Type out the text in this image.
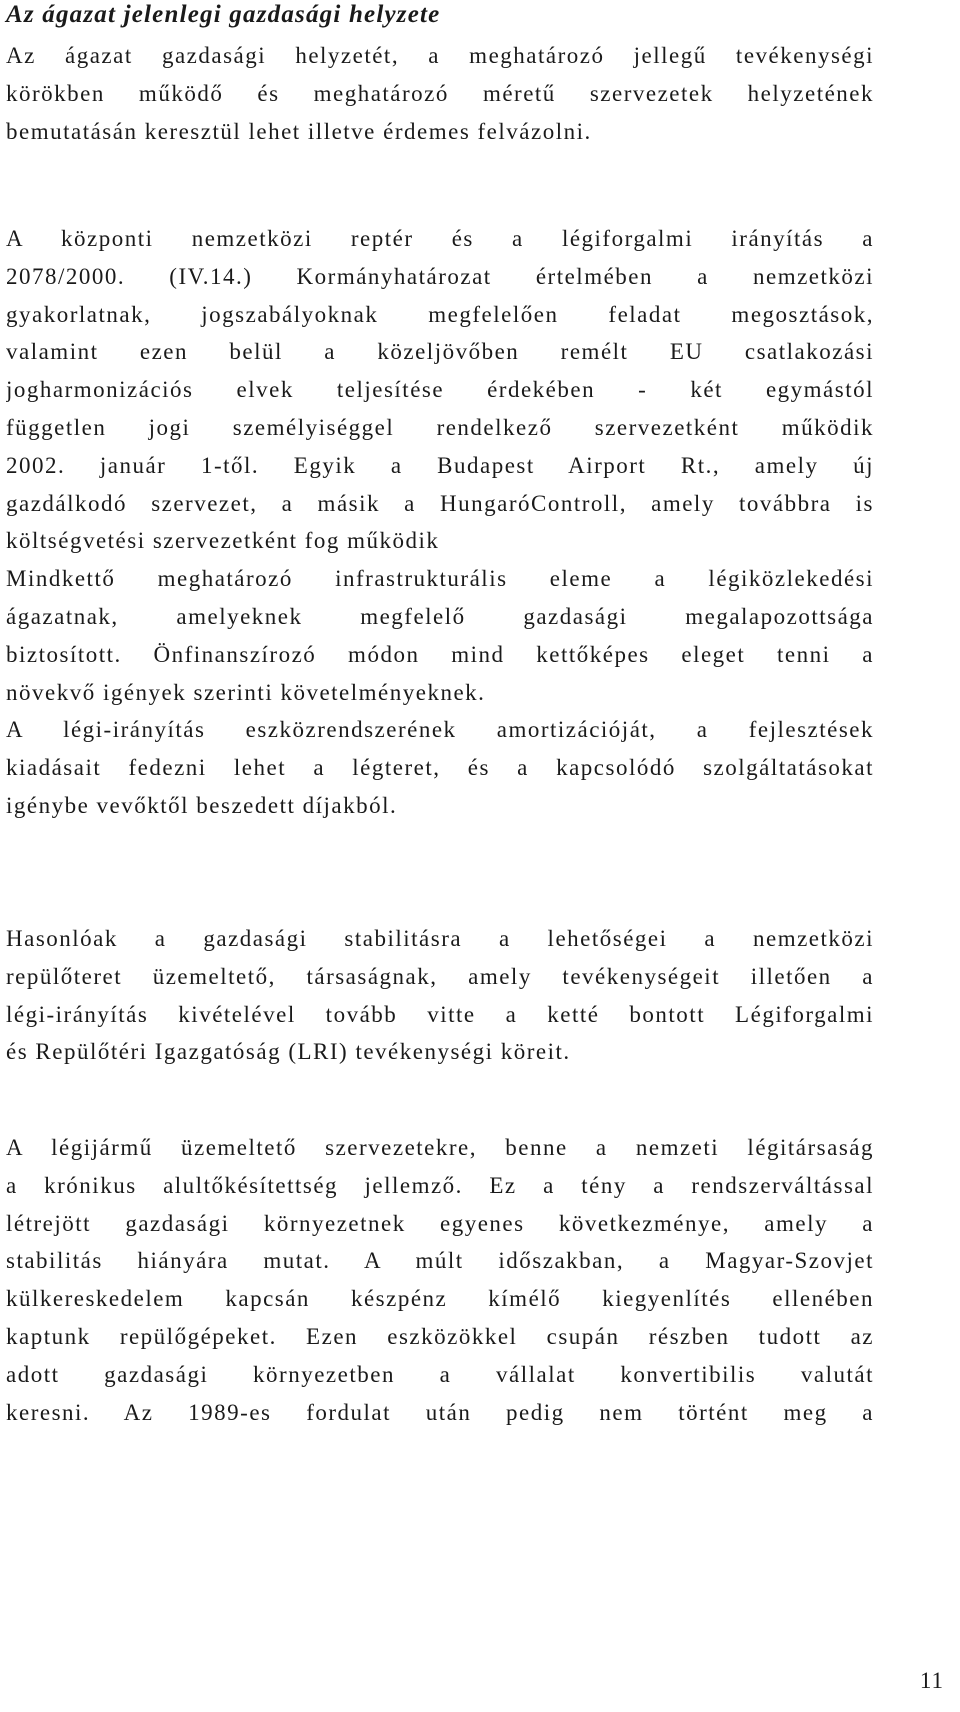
Az ágazat jelenlegi gazdasági helyzete
Az ágazat gazdasági helyzetét, a meghatározó jellegű tevékenységi
körökben működő és meghatározó méretű szervezetek helyzetének
bemutatásán keresztül lehet illetve érdemes felvázolni.
A központi nemzetközi reptér és a légiforgalmi irányítás a
2078/2000. (IV.14.) Kormányhatározat értelmében a nemzetközi
gyakorlatnak, jogszabályoknak megfelelően feladat megosztások,
valamint ezen belül a közeljövőben remélt EU csatlakozási
jogharmonizációs elvek teljesítése érdekében - két egymástól
független jogi személyiséggel rendelkező szervezetként működik
2002. január 1-től. Egyik a Budapest Airport Rt., amely új
gazdálkodó szervezet, a másik a HungaróControll, amely továbbra is
költségvetési szervezetként fog működik
Mindkettő meghatározó infrastrukturális eleme a légiközlekedési
ágazatnak, amelyeknek megfelelő gazdasági megalapozottsága
biztosított. Önfinanszírozó módon mind kettőképes eleget tenni a
növekvő igények szerinti követelményeknek.
A légi-irányítás eszközrendszerének amortizációját, a fejlesztések
kiadásait fedezni lehet a légteret, és a kapcsolódó szolgáltatásokat
igénybe vevőktől beszedett díjakból.
Hasonlóak a gazdasági stabilitásra a lehetőségei a nemzetközi
repülőteret üzemeltető, társaságnak, amely tevékenységeit illetően a
légi-irányítás kivételével tovább vitte a ketté bontott Légiforgalmi
és Repülőtéri Igazgatóság (LRI) tevékenységi köreit.
A légijármű üzemeltető szervezetekre, benne a nemzeti légitársaság
a krónikus alultőkésítettség jellemző. Ez a tény a rendszerváltással
létrejött gazdasági környezetnek egyenes következménye, amely a
stabilitás hiányára mutat. A múlt időszakban, a Magyar-Szovjet
külkereskedelem kapcsán készpénz kímélő kiegyenlítés ellenében
kaptunk repülőgépeket. Ezen eszközökkel csupán részben tudott az
adott gazdasági környezetben a vállalat konvertibilis valutát
keresni. Az 1989-es fordulat után pedig nem történt meg a
11
